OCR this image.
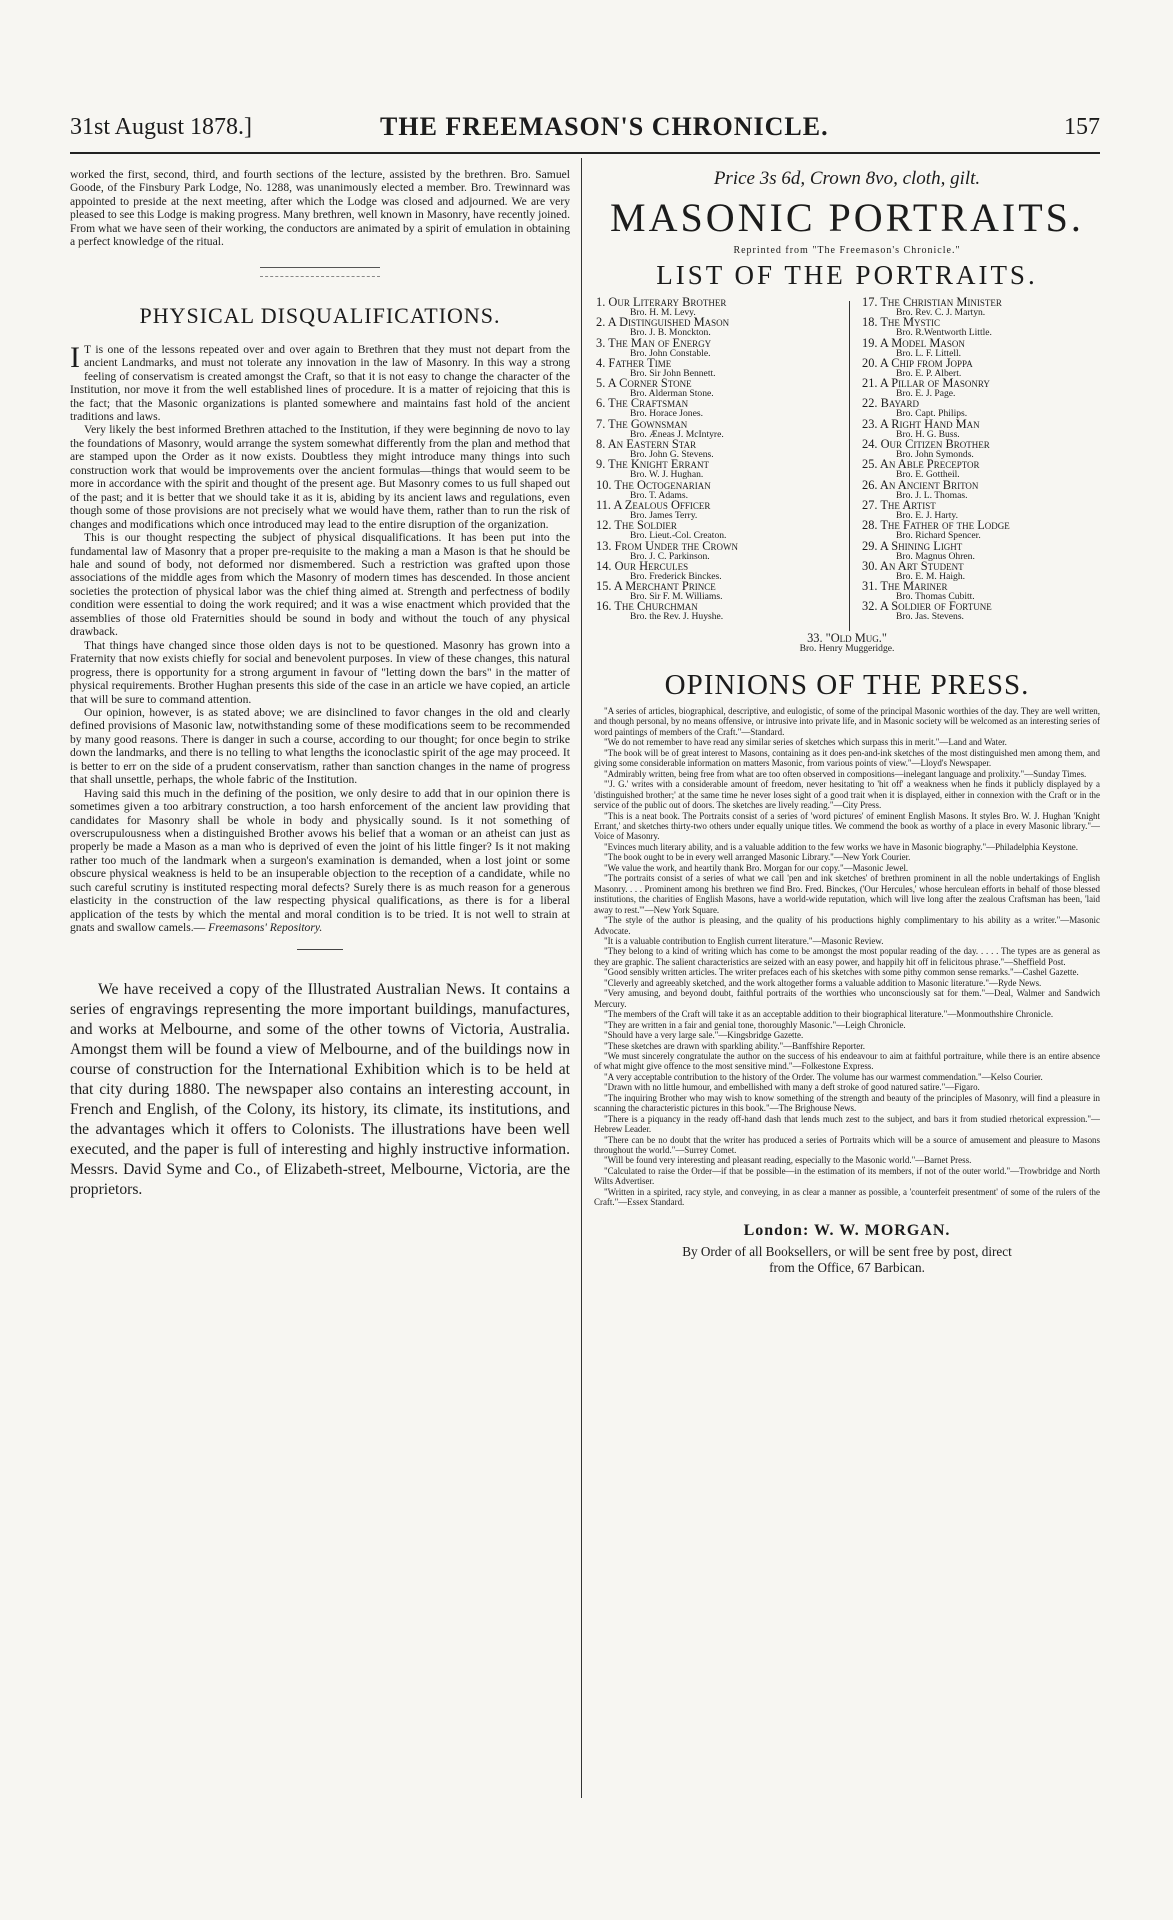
31st August 1878.]	THE FREEMASON'S CHRONICLE.	157

worked the first, second, third, and fourth sections of the lecture, assisted by the brethren. Bro. Samuel Goode, of the Finsbury Park Lodge, No. 1288, was unanimously elected a member. Bro. Trewinnard was appointed to preside at the next meeting, after which the Lodge was closed and adjourned. We are very pleased to see this Lodge is making progress. Many brethren, well known in Masonry, have recently joined. From what we have seen of their working, the conductors are animated by a spirit of emulation in obtaining a perfect knowledge of the ritual.

PHYSICAL DISQUALIFICATIONS.

I T is one of the lessons repeated over and over again to Brethren that they must not depart from the ancient Landmarks, and must not tolerate any innovation in the law of Masonry. In this way a strong feeling of conservatism is created amongst the Craft, so that it is not easy to change the character of the Institution, nor move it from the well established lines of procedure. It is a matter of rejoicing that this is the fact; that the Masonic organizations is planted somewhere and maintains fast hold of the ancient traditions and laws.

Very likely the best informed Brethren attached to the Institution, if they were beginning de novo to lay the foundations of Masonry, would arrange the system somewhat differently from the plan and method that are stamped upon the Order as it now exists. Doubtless they might introduce many things into such construction work that would be improvements over the ancient formulas—things that would seem to be more in accordance with the spirit and thought of the present age. But Masonry comes to us full shaped out of the past; and it is better that we should take it as it is, abiding by its ancient laws and regulations, even though some of those provisions are not precisely what we would have them, rather than to run the risk of changes and modifications which once introduced may lead to the entire disruption of the organization.

This is our thought respecting the subject of physical disqualifications. It has been put into the fundamental law of Masonry that a proper pre-requisite to the making a man a Mason is that he should be hale and sound of body, not deformed nor dismembered. Such a restriction was grafted upon those associations of the middle ages from which the Masonry of modern times has descended. In those ancient societies the protection of physical labor was the chief thing aimed at. Strength and perfectness of bodily condition were essential to doing the work required; and it was a wise enactment which provided that the assemblies of those old Fraternities should be sound in body and without the touch of any physical drawback.

That things have changed since those olden days is not to be questioned. Masonry has grown into a Fraternity that now exists chiefly for social and benevolent purposes. In view of these changes, this natural progress, there is opportunity for a strong argument in favour of "letting down the bars" in the matter of physical requirements. Brother Hughan presents this side of the case in an article we have copied, an article that will be sure to command attention.

Our opinion, however, is as stated above; we are disinclined to favor changes in the old and clearly defined provisions of Masonic law, notwithstanding some of these modifications seem to be recommended by many good reasons. There is danger in such a course, according to our thought; for once begin to strike down the landmarks, and there is no telling to what lengths the iconoclastic spirit of the age may proceed. It is better to err on the side of a prudent conservatism, rather than sanction changes in the name of progress that shall unsettle, perhaps, the whole fabric of the Institution.

Having said this much in the defining of the position, we only desire to add that in our opinion there is sometimes given a too arbitrary construction, a too harsh enforcement of the ancient law providing that candidates for Masonry shall be whole in body and physically sound. Is it not something of overscrupulousness when a distinguished Brother avows his belief that a woman or an atheist can just as properly be made a Mason as a man who is deprived of even the joint of his little finger? Is it not making rather too much of the landmark when a surgeon's examination is demanded, when a lost joint or some obscure physical weakness is held to be an insuperable objection to the reception of a candidate, while no such careful scrutiny is instituted respecting moral defects? Surely there is as much reason for a generous elasticity in the construction of the law respecting physical qualifications, as there is for a liberal application of the tests by which the mental and moral condition is to be tried. It is not well to strain at gnats and swallow camels.— Freemasons' Repository.

We have received a copy of the Illustrated Australian News. It contains a series of engravings representing the more important buildings, manufactures, and works at Melbourne, and some of the other towns of Victoria, Australia. Amongst them will be found a view of Melbourne, and of the buildings now in course of construction for the International Exhibition which is to be held at that city during 1880. The newspaper also contains an interesting account, in French and English, of the Colony, its history, its climate, its institutions, and the advantages which it offers to Colonists. The illustrations have been well executed, and the paper is full of interesting and highly instructive information. Messrs. David Syme and Co., of Elizabeth-street, Melbourne, Victoria, are the proprietors.

Price 3s 6d, Crown 8vo, cloth, gilt.

MASONIC PORTRAITS.

Reprinted from "The Freemason's Chronicle."

LIST OF THE PORTRAITS.
1. Our Literary Brother
Bro. H. M. Levy.
2. A Distinguished Mason
Bro. J. B. Monckton.
3. The Man of Energy
Bro. John Constable.
4. Father Time
Bro. Sir John Bennett.
5. A Corner Stone
Bro. Alderman Stone.
6. The Craftsman
Bro. Horace Jones.
7. The Gownsman
Bro. Æneas J. McIntyre.
8. An Eastern Star
Bro. John G. Stevens.
9. The Knight Errant
Bro. W. J. Hughan.
10. The Octogenarian
Bro. T. Adams.
11. A Zealous Officer
Bro. James Terry.
12. The Soldier
Bro. Lieut.-Col. Creaton.
13. From Under the Crown
Bro. J. C. Parkinson.
14. Our Hercules
Bro. Frederick Binckes.
15. A Merchant Prince
Bro. Sir F. M. Williams.
16. The Churchman
Bro. the Rev. J. Huyshe.
17. The Christian Minister
Bro. Rev. C. J. Martyn.
18. The Mystic
Bro. R.Wentworth Little.
19. A Model Mason
Bro. L. F. Littell.
20. A Chip from Joppa
Bro. E. P. Albert.
21. A Pillar of Masonry
Bro. E. J. Page.
22. Bayard
Bro. Capt. Philips.
23. A Right Hand Man
Bro. H. G. Buss.
24. Our Citizen Brother
Bro. John Symonds.
25. An Able Preceptor
Bro. E. Gottheil.
26. An Ancient Briton
Bro. J. L. Thomas.
27. The Artist
Bro. E. J. Harty.
28. The Father of the Lodge
Bro. Richard Spencer.
29. A Shining Light
Bro. Magnus Ohren.
30. An Art Student
Bro. E. M. Haigh.
31. The Mariner
Bro. Thomas Cubitt.
32. A Soldier of Fortune
Bro. Jas. Stevens.
33. "Old Mug."
Bro. Henry Muggeridge.
OPINIONS OF THE PRESS.

"A series of articles, biographical, descriptive, and eulogistic, of some of the principal Masonic worthies of the day. They are well written, and though personal, by no means offensive, or intrusive into private life, and in Masonic society will be welcomed as an interesting series of word paintings of members of the Craft."—Standard.

"We do not remember to have read any similar series of sketches which surpass this in merit."—Land and Water.

"The book will be of great interest to Masons, containing as it does pen-and-ink sketches of the most distinguished men among them, and giving some considerable information on matters Masonic, from various points of view."—Lloyd's Newspaper.

"Admirably written, being free from what are too often observed in compositions—inelegant language and prolixity."—Sunday Times.

"'J. G.' writes with a considerable amount of freedom, never hesitating to 'hit off' a weakness when he finds it publicly displayed by a 'distinguished brother;' at the same time he never loses sight of a good trait when it is displayed, either in connexion with the Craft or in the service of the public out of doors. The sketches are lively reading."—City Press.

"This is a neat book. The Portraits consist of a series of 'word pictures' of eminent English Masons. It styles Bro. W. J. Hughan 'Knight Errant,' and sketches thirty-two others under equally unique titles. We commend the book as worthy of a place in every Masonic library."—Voice of Masonry.

"Evinces much literary ability, and is a valuable addition to the few works we have in Masonic biography."—Philadelphia Keystone.

"The book ought to be in every well arranged Masonic Library."—New York Courier.

"We value the work, and heartily thank Bro. Morgan for our copy."—Masonic Jewel.

"The portraits consist of a series of what we call 'pen and ink sketches' of brethren prominent in all the noble undertakings of English Masonry. . . . Prominent among his brethren we find Bro. Fred. Binckes, ('Our Hercules,' whose herculean efforts in behalf of those blessed institutions, the charities of English Masons, have a world-wide reputation, which will live long after the zealous Craftsman has been, 'laid away to rest.'"—New York Square.

"The style of the author is pleasing, and the quality of his productions highly complimentary to his ability as a writer."—Masonic Advocate.

"It is a valuable contribution to English current literature."—Masonic Review.

"They belong to a kind of writing which has come to be amongst the most popular reading of the day. . . . . The types are as general as they are graphic. The salient characteristics are seized with an easy power, and happily hit off in felicitous phrase."—Sheffield Post.

"Good sensibly written articles. The writer prefaces each of his sketches with some pithy common sense remarks."—Cashel Gazette.

"Cleverly and agreeably sketched, and the work altogether forms a valuable addition to Masonic literature."—Ryde News.

"Very amusing, and beyond doubt, faithful portraits of the worthies who unconsciously sat for them."—Deal, Walmer and Sandwich Mercury.

"The members of the Craft will take it as an acceptable addition to their biographical literature."—Monmouthshire Chronicle.

"They are written in a fair and genial tone, thoroughly Masonic."—Leigh Chronicle.

"Should have a very large sale."—Kingsbridge Gazette.

"These sketches are drawn with sparkling ability."—Banffshire Reporter.

"We must sincerely congratulate the author on the success of his endeavour to aim at faithful portraiture, while there is an entire absence of what might give offence to the most sensitive mind."—Folkestone Express.

"A very acceptable contribution to the history of the Order. The volume has our warmest commendation."—Kelso Courier.

"Drawn with no little humour, and embellished with many a deft stroke of good natured satire."—Figaro.

"The inquiring Brother who may wish to know something of the strength and beauty of the principles of Masonry, will find a pleasure in scanning the characteristic pictures in this book."—The Brighouse News.

"There is a piquancy in the ready off-hand dash that lends much zest to the subject, and bars it from studied rhetorical expression."—Hebrew Leader.

"There can be no doubt that the writer has produced a series of Portraits which will be a source of amusement and pleasure to Masons throughout the world."—Surrey Comet.

"Will be found very interesting and pleasant reading, especially to the Masonic world."—Barnet Press.

"Calculated to raise the Order—if that be possible—in the estimation of its members, if not of the outer world."—Trowbridge and North Wilts Advertiser.

"Written in a spirited, racy style, and conveying, in as clear a manner as possible, a 'counterfeit presentment' of some of the rulers of the Craft."—Essex Standard.

London: W. W. MORGAN.

By Order of all Booksellers, or will be sent free by post, direct

from the Office, 67 Barbican.
